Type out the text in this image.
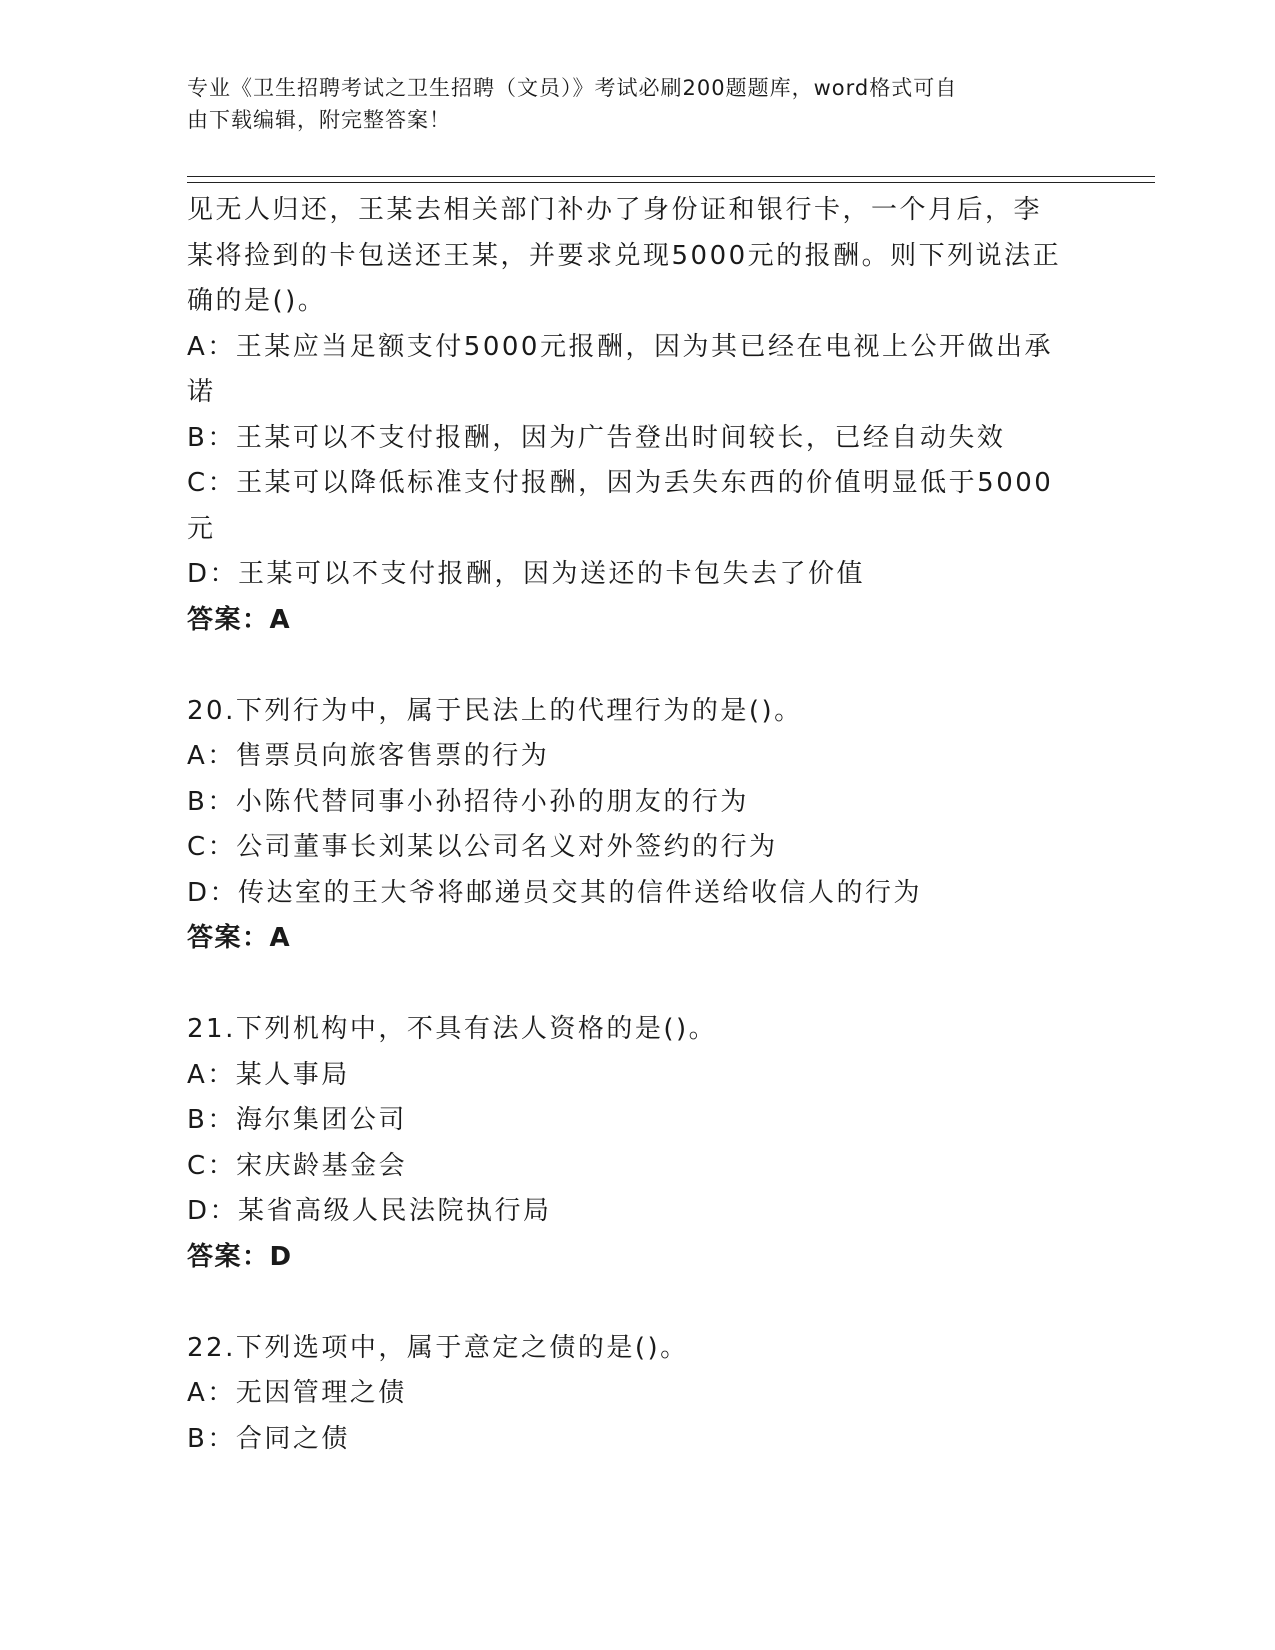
专业《卫生招聘考试之卫生招聘（文员）》考试必刷200题题库，word格式可自
由下载编辑，附完整答案！
见无人归还，王某去相关部门补办了身份证和银行卡，一个月后，李
某将捡到的卡包送还王某，并要求兑现5000元的报酬。则下列说法正
确的是()。
A：王某应当足额支付5000元报酬，因为其已经在电视上公开做出承
诺
B：王某可以不支付报酬，因为广告登出时间较长，已经自动失效
C：王某可以降低标准支付报酬，因为丢失东西的价值明显低于5000
元
D：王某可以不支付报酬，因为送还的卡包失去了价值
答案：A
20.下列行为中，属于民法上的代理行为的是()。
A：售票员向旅客售票的行为
B：小陈代替同事小孙招待小孙的朋友的行为
C：公司董事长刘某以公司名义对外签约的行为
D：传达室的王大爷将邮递员交其的信件送给收信人的行为
答案：A
21.下列机构中，不具有法人资格的是()。
A：某人事局
B：海尔集团公司
C：宋庆龄基金会
D：某省高级人民法院执行局
答案：D
22.下列选项中，属于意定之债的是()。
A：无因管理之债
B：合同之债
